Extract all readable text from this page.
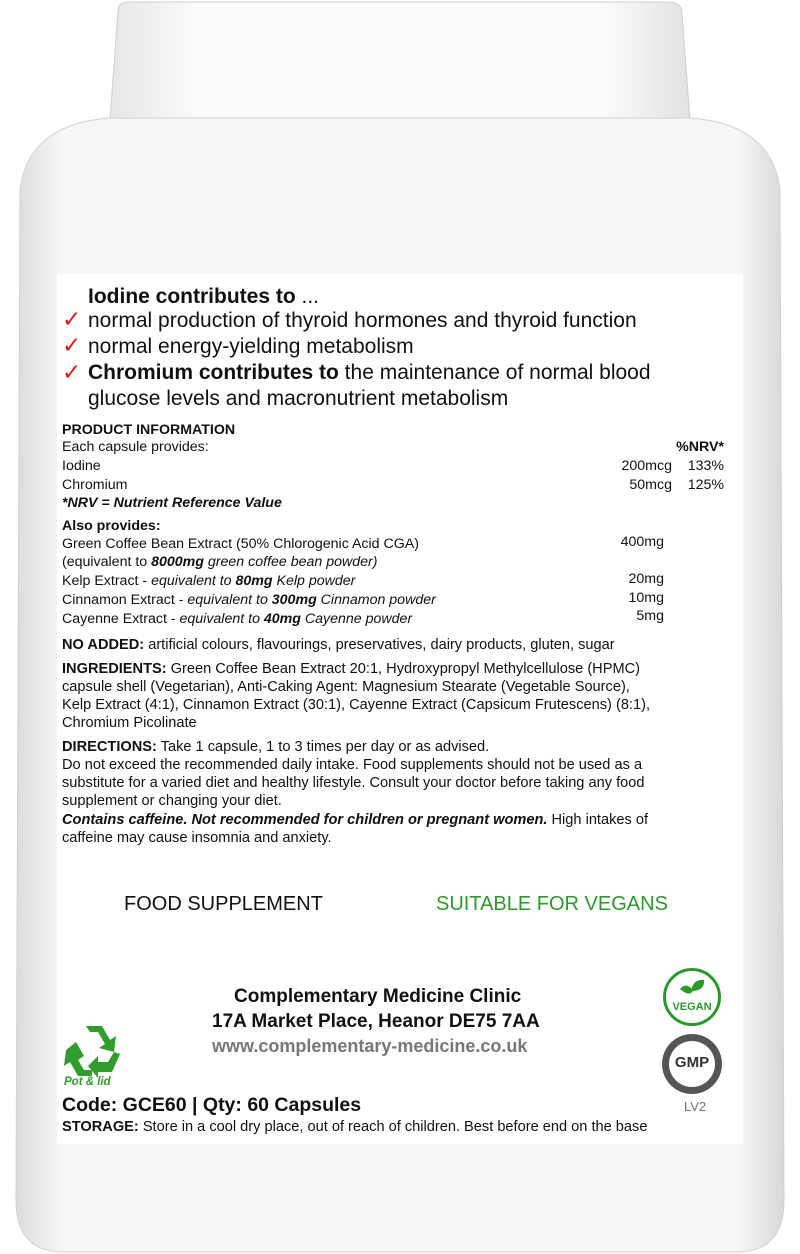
Iodine contributes to ...
✓ normal production of thyroid hormones and thyroid function
✓ normal energy-yielding metabolism
✓ Chromium contributes to the maintenance of normal blood
glucose levels and macronutrient metabolism
PRODUCT INFORMATION
Each capsule provides:	%NRV*
Iodine	200mcg	133%
Chromium	50mcg	125%
*NRV = Nutrient Reference Value
Also provides:
Green Coffee Bean Extract (50% Chlorogenic Acid CGA)	400mg
(equivalent to 8000mg green coffee bean powder)
Kelp Extract - equivalent to 80mg Kelp powder	20mg
Cinnamon Extract - equivalent to 300mg Cinnamon powder	10mg
Cayenne Extract - equivalent to 40mg Cayenne powder	5mg
NO ADDED: artificial colours, flavourings, preservatives, dairy products, gluten, sugar
INGREDIENTS: Green Coffee Bean Extract 20:1, Hydroxypropyl Methylcellulose (HPMC)
capsule shell (Vegetarian), Anti-Caking Agent: Magnesium Stearate (Vegetable Source),
Kelp Extract (4:1), Cinnamon Extract (30:1), Cayenne Extract (Capsicum Frutescens) (8:1),
Chromium Picolinate
DIRECTIONS: Take 1 capsule, 1 to 3 times per day or as advised.
Do not exceed the recommended daily intake. Food supplements should not be used as a
substitute for a varied diet and healthy lifestyle. Consult your doctor before taking any food
supplement or changing your diet.
Contains caffeine. Not recommended for children or pregnant women. High intakes of
caffeine may cause insomnia and anxiety.
FOOD SUPPLEMENT	SUITABLE FOR VEGANS
Complementary Medicine Clinic
17A Market Place, Heanor DE75 7AA
www.complementary-medicine.co.uk
Pot & lid
VEGAN
GMP
Code: GCE60 | Qty: 60 Capsules	LV2
STORAGE: Store in a cool dry place, out of reach of children. Best before end on the base
